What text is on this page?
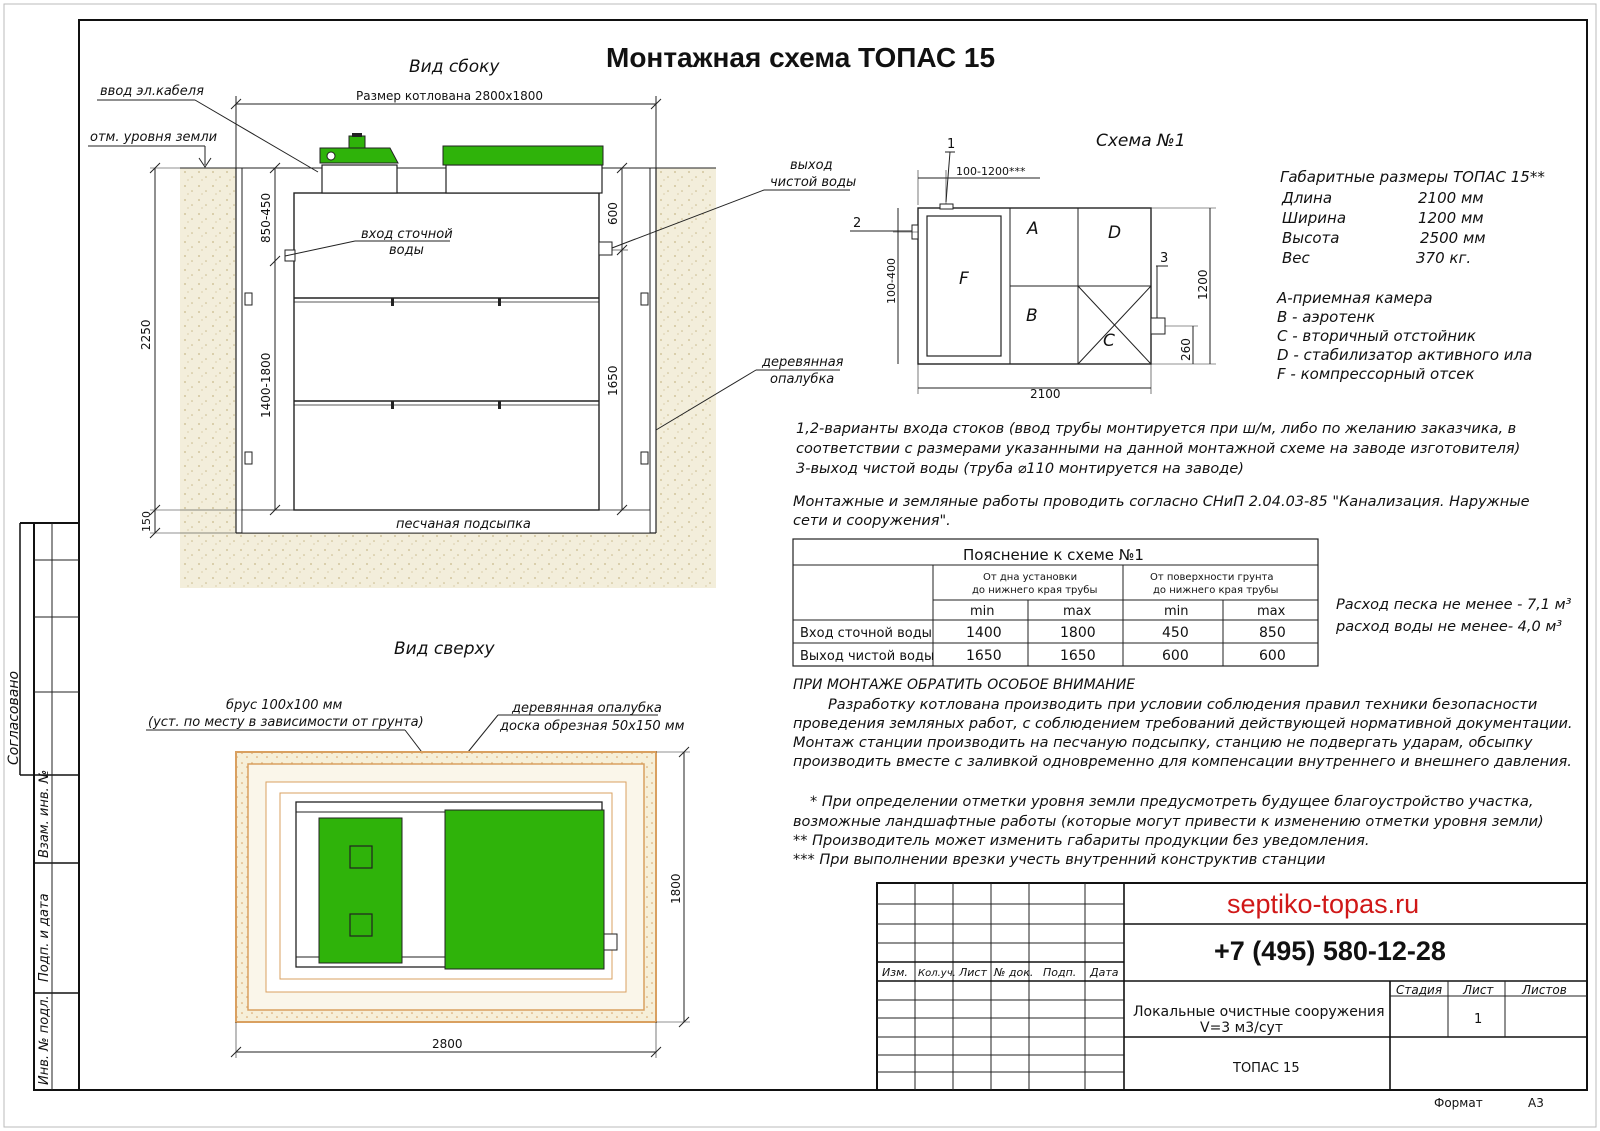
Согласовано
Взам. инв. №
Подп. и дата
Инв. № подл.
Монтажная схема ТОПАС 15
Вид сбоку
Размер котлована 2800x1800
ввод эл.кабеля
отм. уровня земли
выход
чистой воды
вход сточной
воды
деревянная
опалубка
песчаная подсыпка
2250
150
850-450
1400-1800
600
1650
Вид сверху
брус 100x100 мм
(уст. по месту в зависимости от грунта)
деревянная опалубка
доска обрезная 50x150 мм
2800
1800
Схема №1
F
A	D
B
C
1
2
3
100-1200***
100-400	1200
260
2100
Габаритные размеры ТОПАС 15**
Длина	2100 мм
Ширина	1200 мм
Высота	2500 мм
Вес	370 кг.
A-приемная камера
B - аэротенк
C - вторичный отстойник
D - стабилизатор активного ила
F - компрессорный отсек
1,2-варианты входа стоков (ввод трубы монтируется при ш/м, либо по желанию заказчика, в
соответствии с размерами указанными на данной монтажной схеме на заводе изготовителя)
3-выход чистой воды (труба ⌀110 монтируется на заводе)
Монтажные и земляные работы проводить согласно СНиП 2.04.03-85 "Канализация. Наружные
сети и сооружения".
Пояснение к схеме №1
От дна установки
до нижнего края трубы
От поверхности грунта
до нижнего края трубы
min	max	min	max
Вход сточной воды 1400	1800	450	850
Выход чистой воды 1650	1650	600	600
Расход песка не менее - 7,1 м³
расход воды не менее- 4,0 м³
ПРИ МОНТАЖЕ ОБРАТИТЬ ОСОБОЕ ВНИМАНИЕ
Разработку котлована производить при условии соблюдения правил техники безопасности
проведения земляных работ, с соблюдением требований действующей нормативной документации.
Монтаж станции производить на песчаную подсыпку, станцию не подвергать ударам, обсыпку
производить вместе с заливкой одновременно для компенсации внутреннего и внешнего давления.
* При определении отметки уровня земли предусмотреть будущее благоустройство участка,
возможные ландшафтные работы (которые могут привести к изменению отметки уровня земли)
** Производитель может изменить габариты продукции без уведомления.
*** При выполнении врезки учесть внутренний конструктив станции
Изм. Кол.уч. Лист № док. Подп. Дата
septiko-topas.ru
+7 (495) 580-12-28
Стадия Лист Листов
1
Локальные очистные сооружения
V=3 м3/сут
ТОПАС 15
Формат	А3
